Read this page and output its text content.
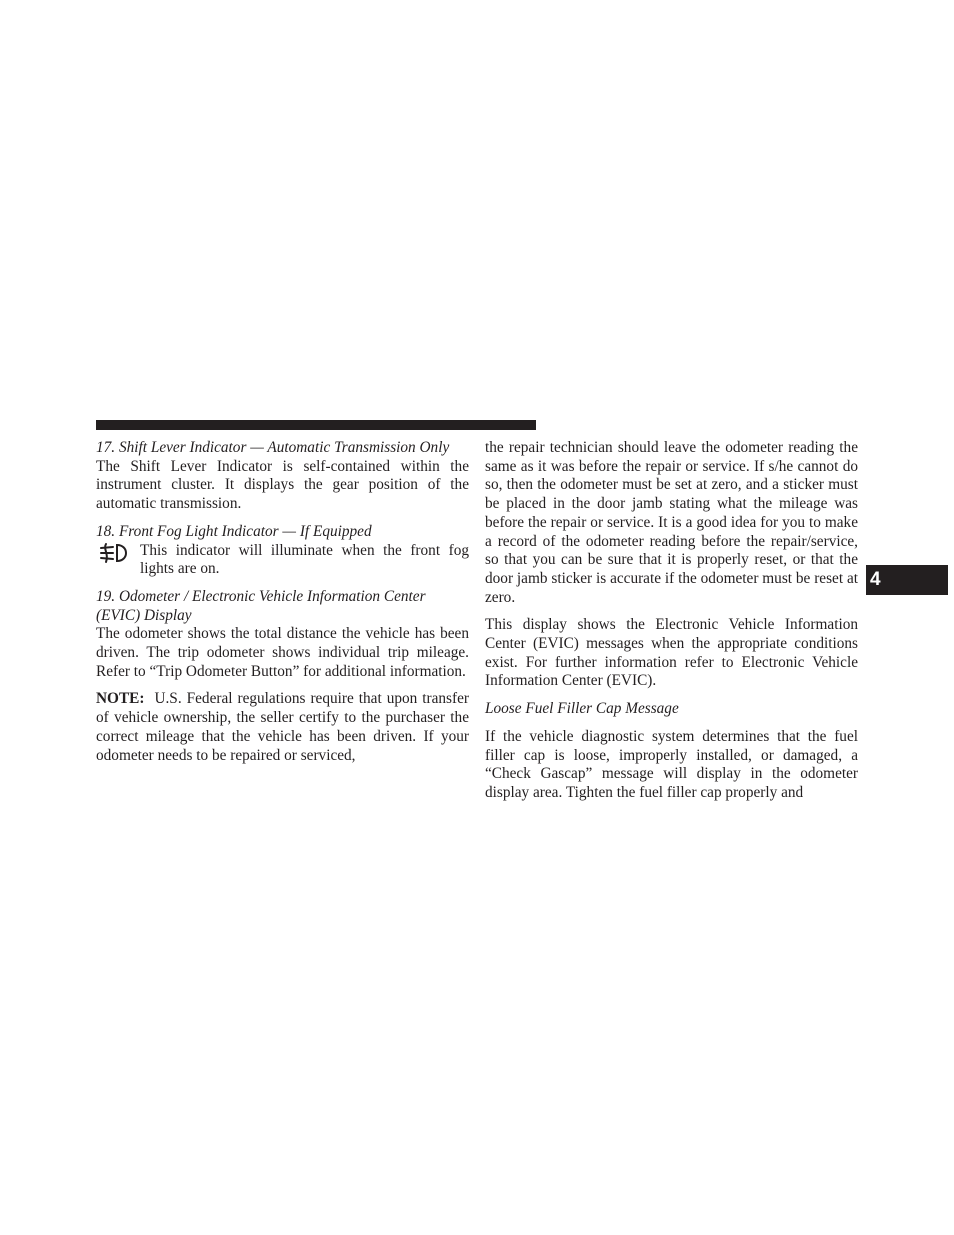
4

17. Shift Lever Indicator — Automatic Transmission Only

The Shift Lever Indicator is self-contained within the instrument cluster. It displays the gear position of the automatic transmission.

18. Front Fog Light Indicator — If Equipped

This indicator will illuminate when the front fog lights are on.

19. Odometer / Electronic Vehicle Information Center (EVIC) Display

The odometer shows the total distance the vehicle has been driven. The trip odometer shows individual trip mileage. Refer to “Trip Odometer Button” for additional information.

NOTE: U.S. Federal regulations require that upon transfer of vehicle ownership, the seller certify to the purchaser the correct mileage that the vehicle has been driven. If your odometer needs to be repaired or serviced,

the repair technician should leave the odometer reading the same as it was before the repair or service. If s/he cannot do so, then the odometer must be set at zero, and a sticker must be placed in the door jamb stating what the mileage was before the repair or service. It is a good idea for you to make a record of the odometer reading before the repair/service, so that you can be sure that it is properly reset, or that the door jamb sticker is accurate if the odometer must be reset at zero.

This display shows the Electronic Vehicle Information Center (EVIC) messages when the appropriate conditions exist. For further information refer to Electronic Vehicle Information Center (EVIC).

Loose Fuel Filler Cap Message

If the vehicle diagnostic system determines that the fuel filler cap is loose, improperly installed, or damaged, a “Check Gascap” message will display in the odometer display area. Tighten the fuel filler cap properly and
